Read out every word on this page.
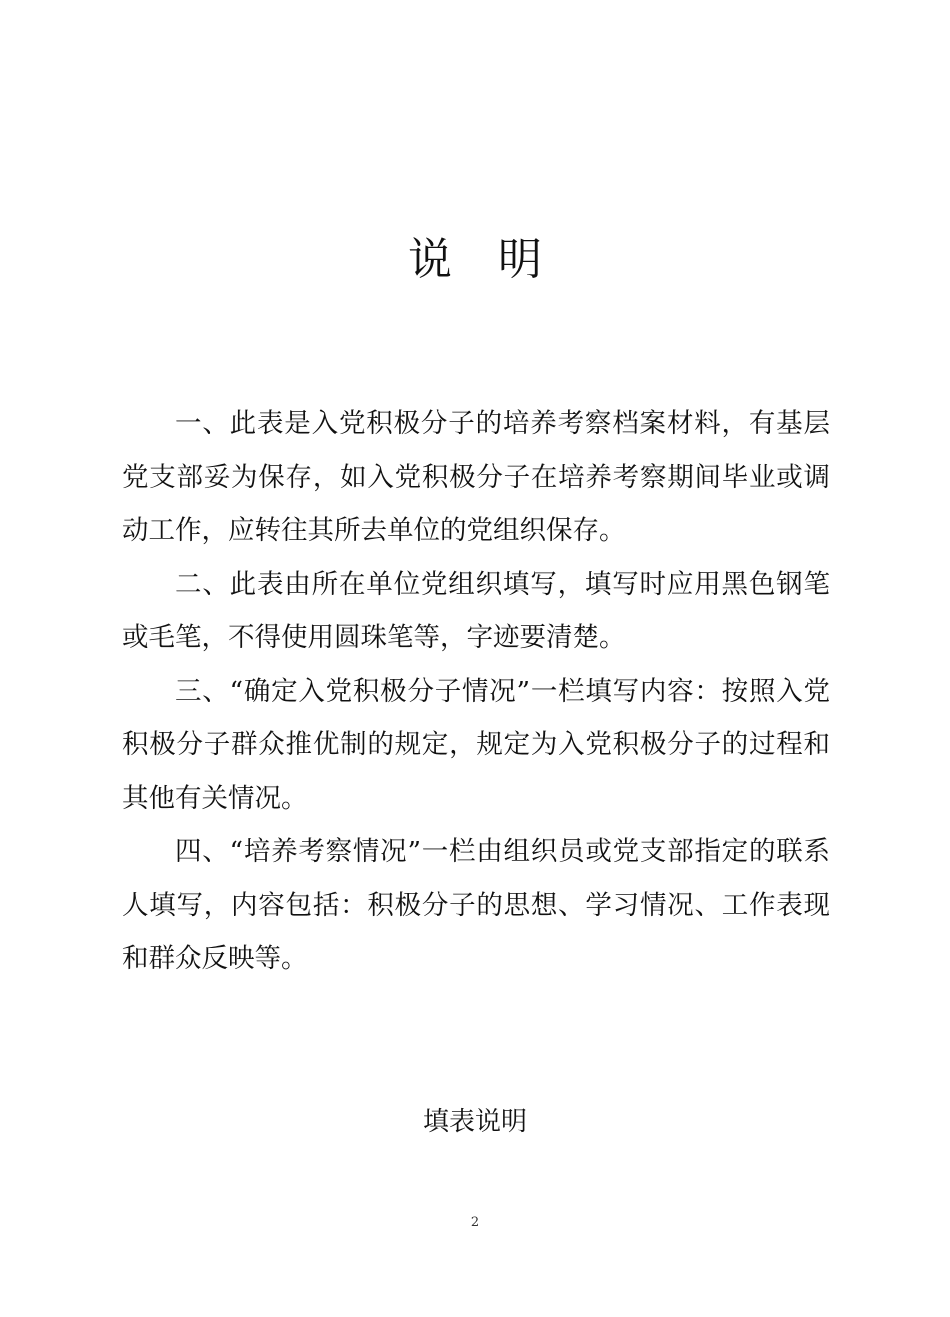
说 明

一、此表是入党积极分子的培养考察档案材料，有基层党支部妥为保存，如入党积极分子在培养考察期间毕业或调动工作，应转往其所去单位的党组织保存。

二、此表由所在单位党组织填写，填写时应用黑色钢笔或毛笔，不得使用圆珠笔等，字迹要清楚。

三、“确定入党积极分子情况”一栏填写内容：按照入党积极分子群众推优制的规定，规定为入党积极分子的过程和其他有关情况。

四、“培养考察情况”一栏由组织员或党支部指定的联系人填写，内容包括：积极分子的思想、学习情况、工作表现和群众反映等。

填表说明
2
